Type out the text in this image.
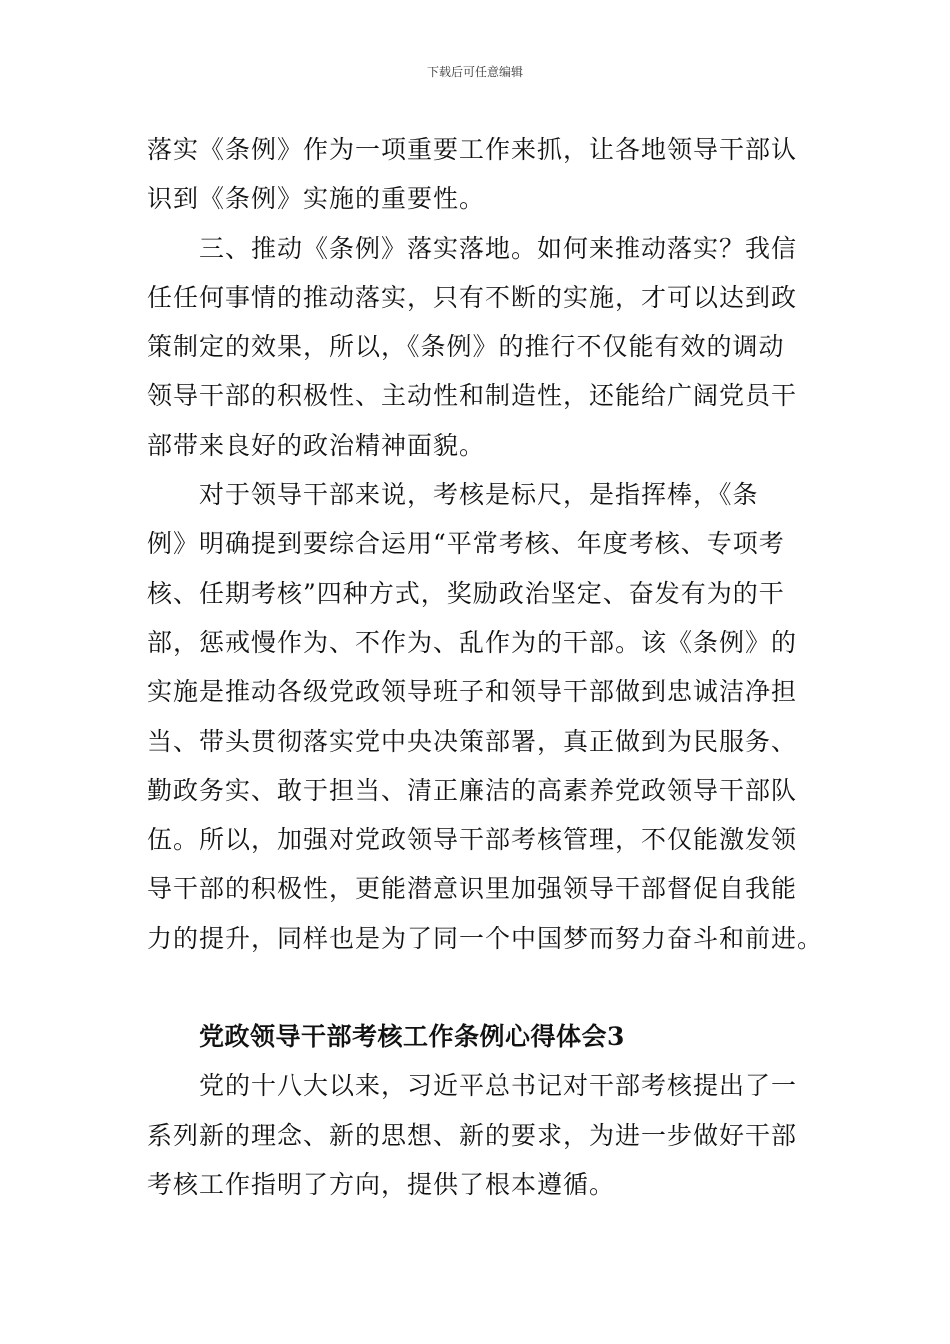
下载后可任意编辑

落实《条例》作为一项重要工作来抓，让各地领导干部认
识到《条例》实施的重要性。

三、推动《条例》落实落地。如何来推动落实？我信
任任何事情的推动落实，只有不断的实施，才可以达到政
策制定的效果，所以，《条例》的推行不仅能有效的调动
领导干部的积极性、主动性和制造性，还能给广阔党员干
部带来良好的政治精神面貌。

对于领导干部来说，考核是标尺，是指挥棒，《条
例》明确提到要综合运用“平常考核、年度考核、专项考
核、任期考核”四种方式，奖励政治坚定、奋发有为的干
部，惩戒慢作为、不作为、乱作为的干部。该《条例》的
实施是推动各级党政领导班子和领导干部做到忠诚洁净担
当、带头贯彻落实党中央决策部署，真正做到为民服务、
勤政务实、敢于担当、清正廉洁的高素养党政领导干部队
伍。所以，加强对党政领导干部考核管理，不仅能激发领
导干部的积极性，更能潜意识里加强领导干部督促自我能
力的提升，同样也是为了同一个中国梦而努力奋斗和前进。

党政领导干部考核工作条例心得体会3

党的十八大以来，习近平总书记对干部考核提出了一
系列新的理念、新的思想、新的要求，为进一步做好干部
考核工作指明了方向，提供了根本遵循。
